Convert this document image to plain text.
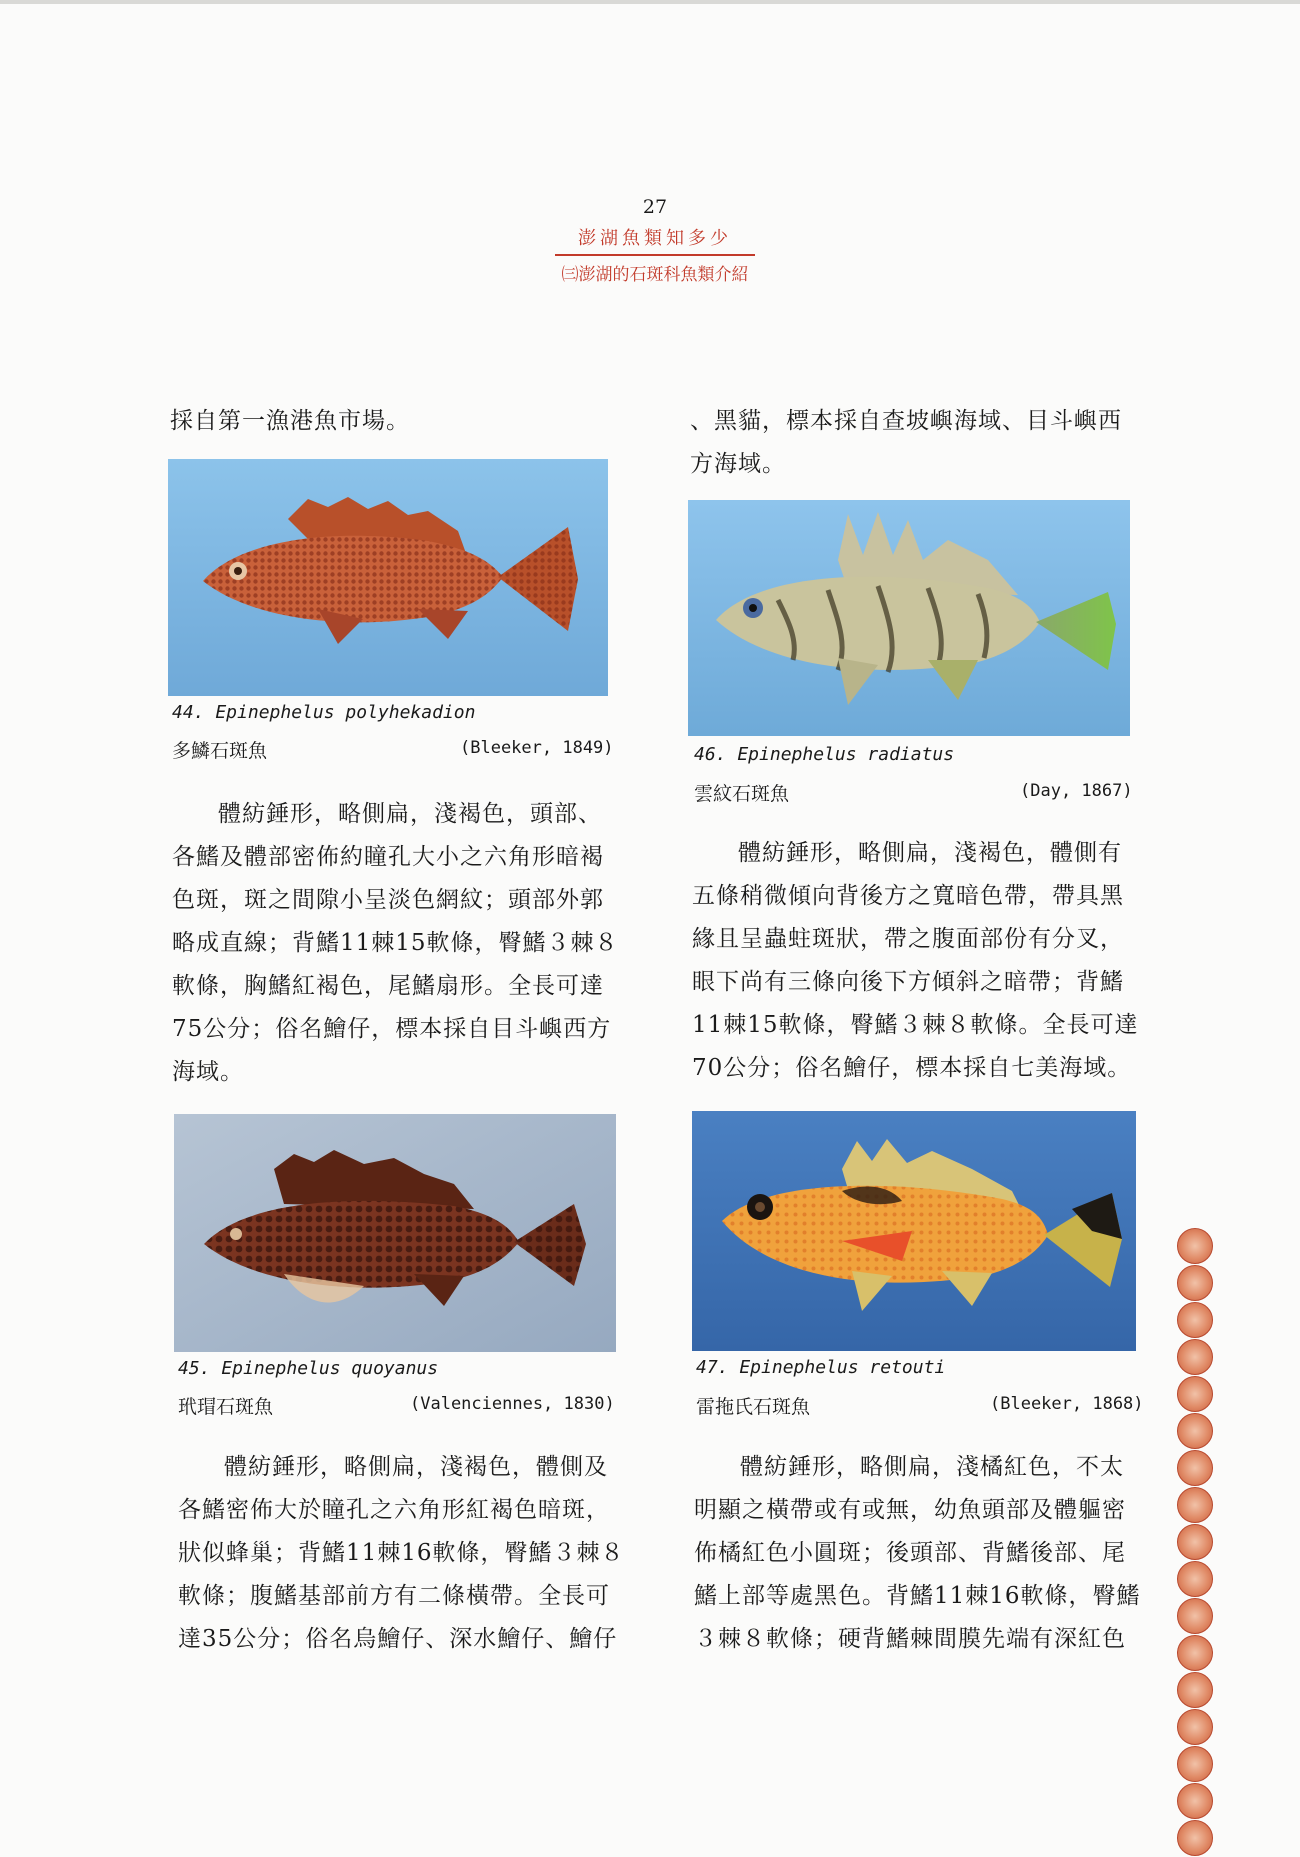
27
澎湖魚類知多少
㈢澎湖的石斑科魚類介紹
採自第一漁港魚市場。
44. Epinephelus polyhekadion
多鱗石斑魚	(Bleeker, 1849)
體紡錘形，略側扁，淺褐色，頭部、
各鰭及體部密佈約瞳孔大小之六角形暗褐
色斑，斑之間隙小呈淡色網紋；頭部外郭
略成直線；背鰭11棘15軟條，臀鰭３棘８
軟條，胸鰭紅褐色，尾鰭扇形。全長可達
75公分；俗名鱠仔，標本採自目斗嶼西方
海域。
45. Epinephelus quoyanus
玳瑁石斑魚	(Valenciennes, 1830)
體紡錘形，略側扁，淺褐色，體側及
各鰭密佈大於瞳孔之六角形紅褐色暗斑，
狀似蜂巢；背鰭11棘16軟條，臀鰭３棘８
軟條；腹鰭基部前方有二條橫帶。全長可
達35公分；俗名烏鱠仔、深水鱠仔、鱠仔
、黑貓，標本採自查坡嶼海域、目斗嶼西
方海域。
46. Epinephelus radiatus
雲紋石斑魚	(Day, 1867)
體紡錘形，略側扁，淺褐色，體側有
五條稍微傾向背後方之寬暗色帶，帶具黑
緣且呈蟲蛀斑狀，帶之腹面部份有分叉，
眼下尚有三條向後下方傾斜之暗帶；背鰭
11棘15軟條，臀鰭３棘８軟條。全長可達
70公分；俗名鱠仔，標本採自七美海域。
47. Epinephelus retouti
雷拖氏石斑魚	(Bleeker, 1868)
體紡錘形，略側扁，淺橘紅色，不太
明顯之橫帶或有或無，幼魚頭部及體軀密
佈橘紅色小圓斑；後頭部、背鰭後部、尾
鰭上部等處黑色。背鰭11棘16軟條，臀鰭
３棘８軟條；硬背鰭棘間膜先端有深紅色
